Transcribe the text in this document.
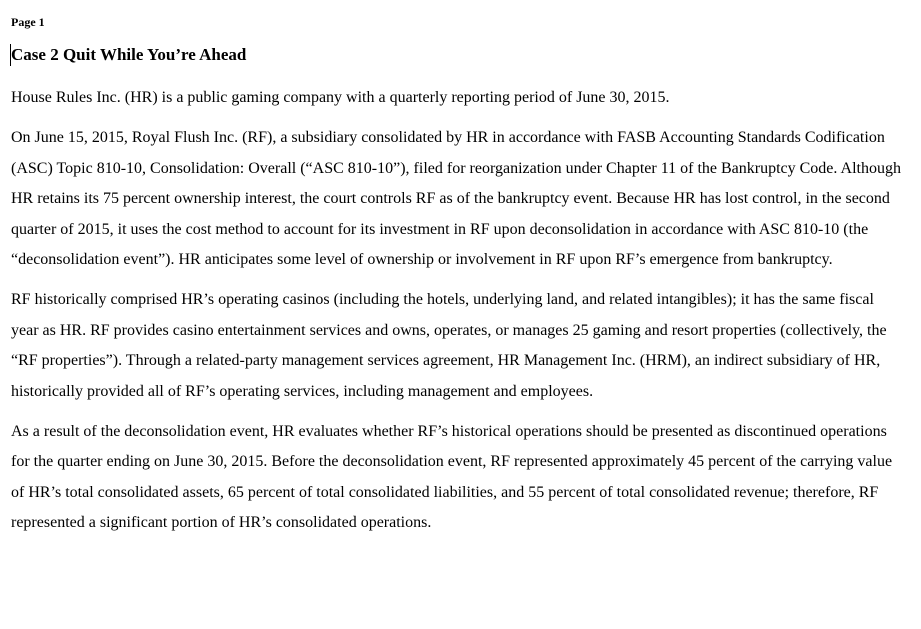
Page 1
Case 2 Quit While You’re Ahead

House Rules Inc. (HR) is a public gaming company with a quarterly reporting period of June 30, 2015.

On June 15, 2015, Royal Flush Inc. (RF), a subsidiary consolidated by HR in accordance with FASB Accounting Standards Codification (ASC) Topic 810-10, Consolidation: Overall (“ASC 810-10”), filed for reorganization under Chapter 11 of the Bankruptcy Code. Although HR retains its 75 percent ownership interest, the court controls RF as of the bankruptcy event. Because HR has lost control, in the second quarter of 2015, it uses the cost method to account for its investment in RF upon deconsolidation in accordance with ASC 810-10 (the “deconsolidation event”). HR anticipates some level of ownership or involvement in RF upon RF’s emergence from bankruptcy.

RF historically comprised HR’s operating casinos (including the hotels, underlying land, and related intangibles); it has the same fiscal year as HR. RF provides casino entertainment services and owns, operates, or manages 25 gaming and resort properties (collectively, the “RF properties”). Through a related-party management services agreement, HR Management Inc. (HRM), an indirect subsidiary of HR, historically provided all of RF’s operating services, including management and employees.

As a result of the deconsolidation event, HR evaluates whether RF’s historical operations should be presented as discontinued operations for the quarter ending on June 30, 2015. Before the deconsolidation event, RF represented approximately 45 percent of the carrying value of HR’s total consolidated assets, 65 percent of total consolidated liabilities, and 55 percent of total consolidated revenue; therefore, RF represented a significant portion of HR’s consolidated operations.
